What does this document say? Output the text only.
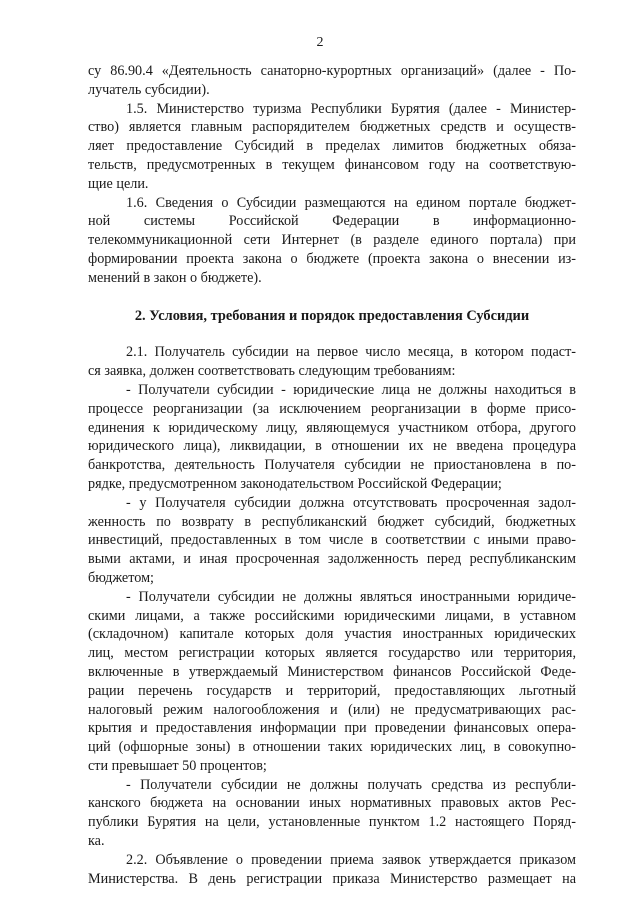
2
су 86.90.4 «Деятельность санаторно-курортных организаций» (далее - По-
лучатель субсидии).
1.5. Министерство туризма Республики Бурятия (далее - Министер-
ство) является главным распорядителем бюджетных средств и осуществ-
ляет предоставление Субсидий в пределах лимитов бюджетных обяза-
тельств, предусмотренных в текущем финансовом году на соответствую-
щие цели.
1.6. Сведения о Субсидии размещаются на едином портале бюджет-
ной системы Российской Федерации в информационно-
телекоммуникационной сети Интернет (в разделе единого портала) при
формировании проекта закона о бюджете (проекта закона о внесении из-
менений в закон о бюджете).
2. Условия, требования и порядок предоставления Субсидии
2.1. Получатель субсидии на первое число месяца, в котором подаст-
ся заявка, должен соответствовать следующим требованиям:
- Получатели субсидии - юридические лица не должны находиться в
процессе реорганизации (за исключением реорганизации в форме присо-
единения к юридическому лицу, являющемуся участником отбора, другого
юридического лица), ликвидации, в отношении их не введена процедура
банкротства, деятельность Получателя субсидии не приостановлена в по-
рядке, предусмотренном законодательством Российской Федерации;
- у Получателя субсидии должна отсутствовать просроченная задол-
женность по возврату в республиканский бюджет субсидий, бюджетных
инвестиций, предоставленных в том числе в соответствии с иными право-
выми актами, и иная просроченная задолженность перед республиканским
бюджетом;
- Получатели субсидии не должны являться иностранными юридиче-
скими лицами, а также российскими юридическими лицами, в уставном
(складочном) капитале которых доля участия иностранных юридических
лиц, местом регистрации которых является государство или территория,
включенные в утверждаемый Министерством финансов Российской Феде-
рации перечень государств и территорий, предоставляющих льготный
налоговый режим налогообложения и (или) не предусматривающих рас-
крытия и предоставления информации при проведении финансовых опера-
ций (офшорные зоны) в отношении таких юридических лиц, в совокупно-
сти превышает 50 процентов;
- Получатели субсидии не должны получать средства из республи-
канского бюджета на основании иных нормативных правовых актов Рес-
публики Бурятия на цели, установленные пунктом 1.2 настоящего Поряд-
ка.
2.2. Объявление о проведении приема заявок утверждается приказом
Министерства. В день регистрации приказа Министерство размещает на
